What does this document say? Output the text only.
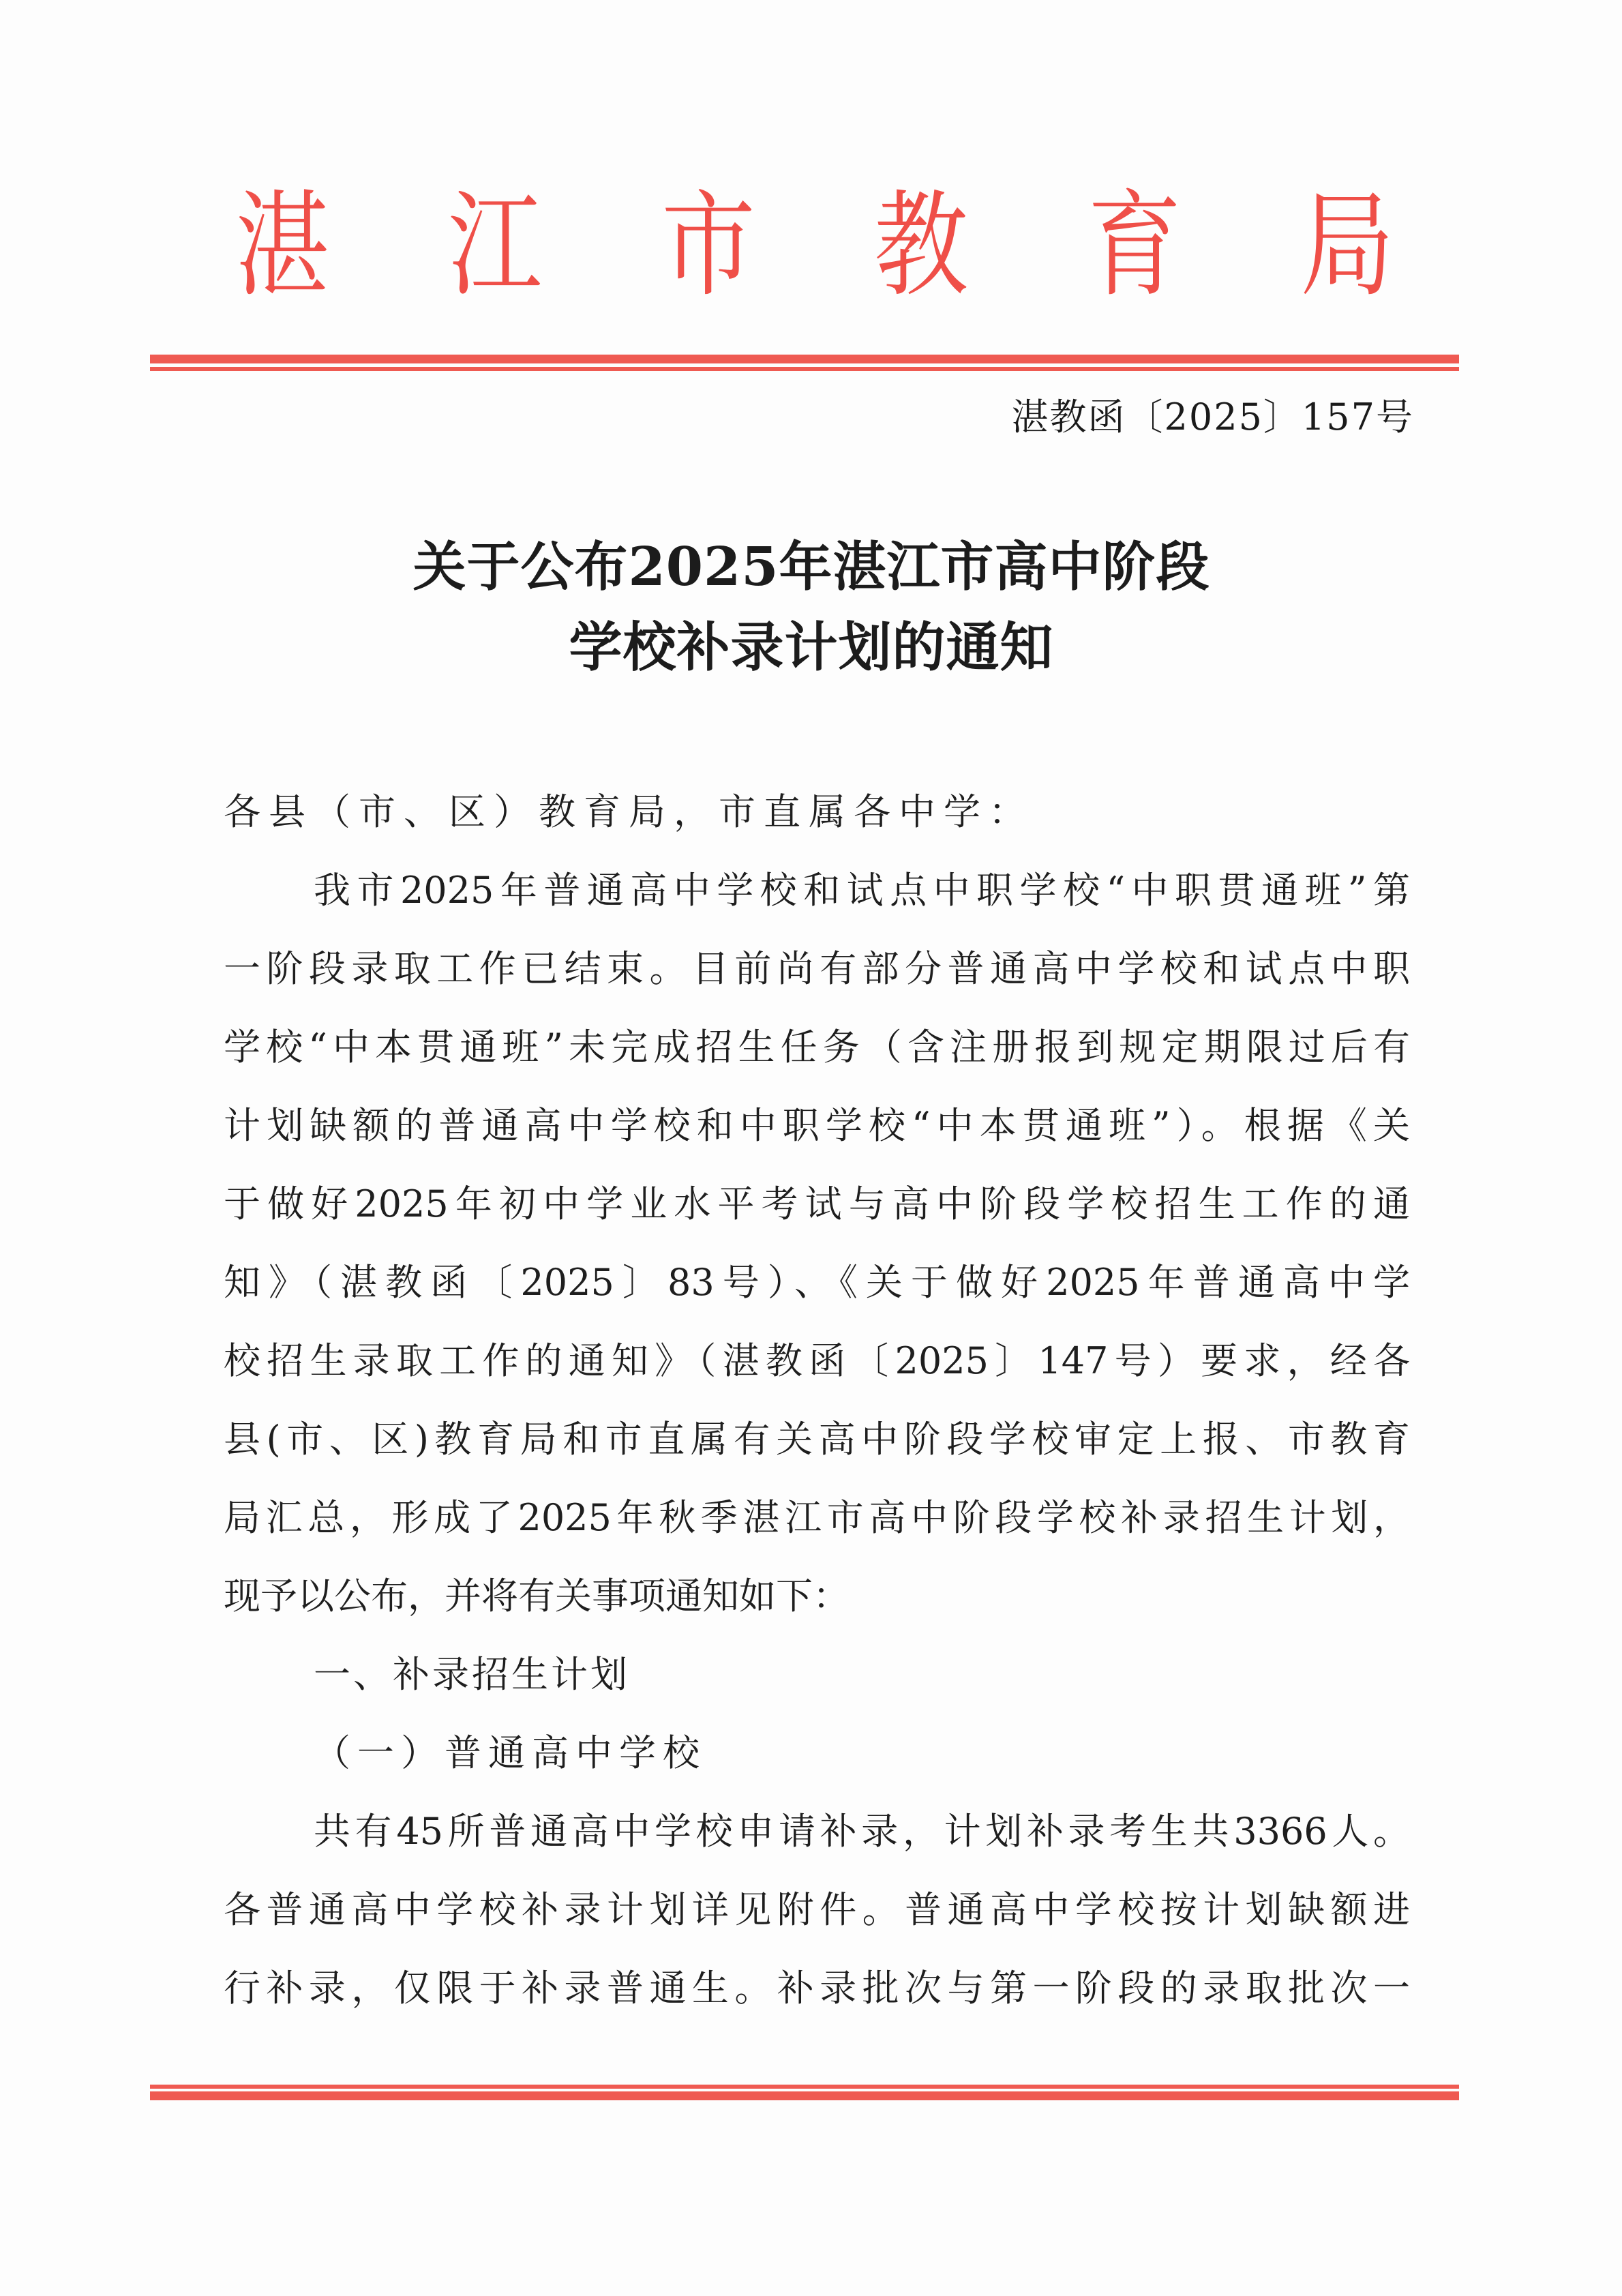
湛 江 市 教 育 局
湛教函〔2025〕157号
关于公布2025年湛江市高中阶段
学校补录计划的通知
各县（市、区）教育局，市直属各中学：
我市2025年普通高中学校和试点中职学校“中职贯通班”第
一阶段录取工作已结束。目前尚有部分普通高中学校和试点中职
学校“中本贯通班”未完成招生任务（含注册报到规定期限过后有
计划缺额的普通高中学校和中职学校“中本贯通班”）。根据《关
于做好2025年初中学业水平考试与高中阶段学校招生工作的通
知》（湛教函〔2025〕83号）、《关于做好2025年普通高中学
校招生录取工作的通知》（湛教函〔2025〕147号）要求，经各
县(市、区)教育局和市直属有关高中阶段学校审定上报、市教育
局汇总，形成了2025年秋季湛江市高中阶段学校补录招生计划，
现予以公布，并将有关事项通知如下：
一、补录招生计划
（一）普通高中学校
共有45所普通高中学校申请补录，计划补录考生共3366人。
各普通高中学校补录计划详见附件。普通高中学校按计划缺额进
行补录，仅限于补录普通生。补录批次与第一阶段的录取批次一
